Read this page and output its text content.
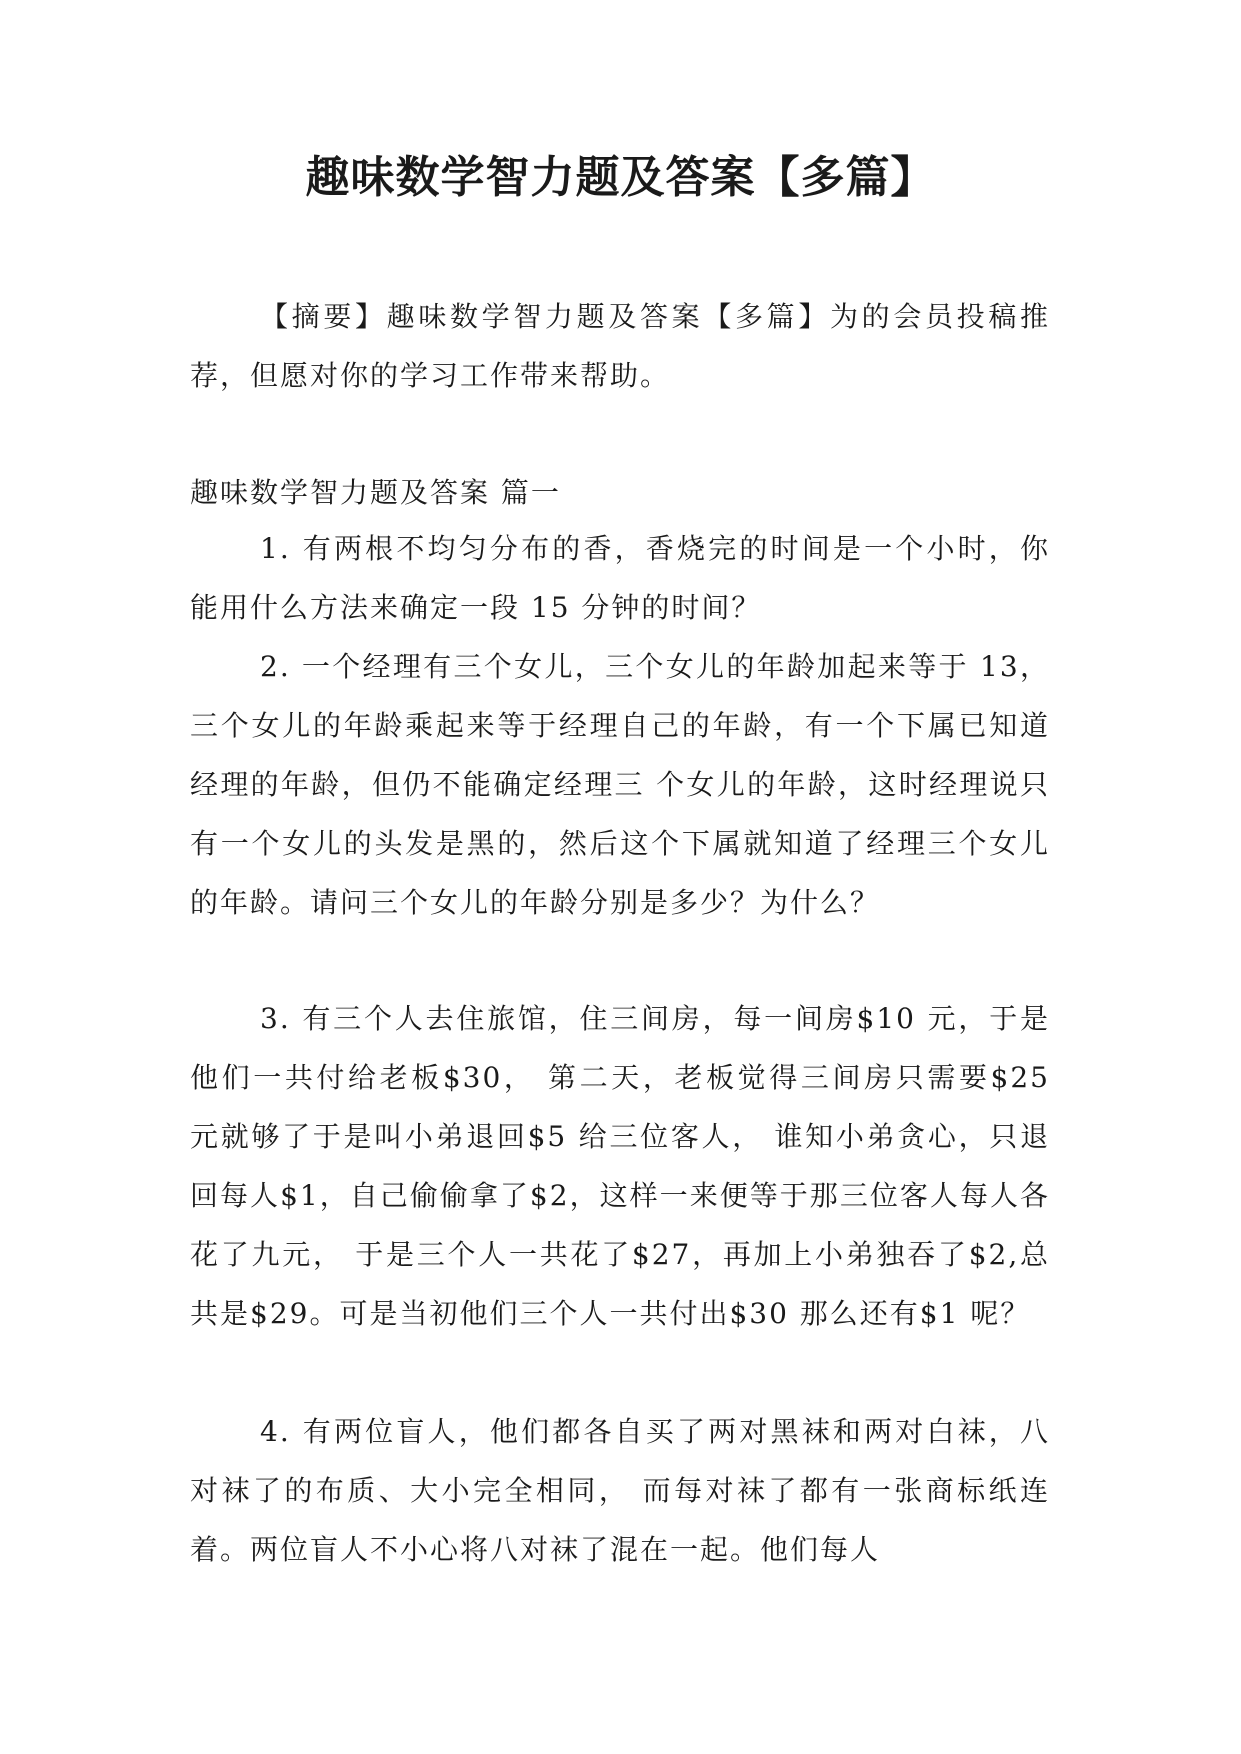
趣味数学智力题及答案【多篇】

【摘要】趣味数学智力题及答案【多篇】为的会员投稿推荐，但愿对你的学习工作带来帮助。

趣味数学智力题及答案 篇一

1. 有两根不均匀分布的香，香烧完的时间是一个小时，你能用什么方法来确定一段 15 分钟的时间？

2. 一个经理有三个女儿，三个女儿的年龄加起来等于 13，三个女儿的年龄乘起来等于经理自己的年龄，有一个下属已知道经理的年龄，但仍不能确定经理三 个女儿的年龄，这时经理说只有一个女儿的头发是黑的，然后这个下属就知道了经理三个女儿的年龄。请问三个女儿的年龄分别是多少？为什么？

3. 有三个人去住旅馆，住三间房，每一间房$10 元，于是他们一共付给老板$30， 第二天，老板觉得三间房只需要$25 元就够了于是叫小弟退回$5 给三位客人， 谁知小弟贪心，只退回每人$1，自己偷偷拿了$2，这样一来便等于那三位客人每人各花了九元， 于是三个人一共花了$27，再加上小弟独吞了$2,总共是$29。可是当初他们三个人一共付出$30 那么还有$1 呢？

4. 有两位盲人，他们都各自买了两对黑袜和两对白袜，八对袜了的布质、大小完全相同， 而每对袜了都有一张商标纸连着。两位盲人不小心将八对袜了混在一起。他们每人
